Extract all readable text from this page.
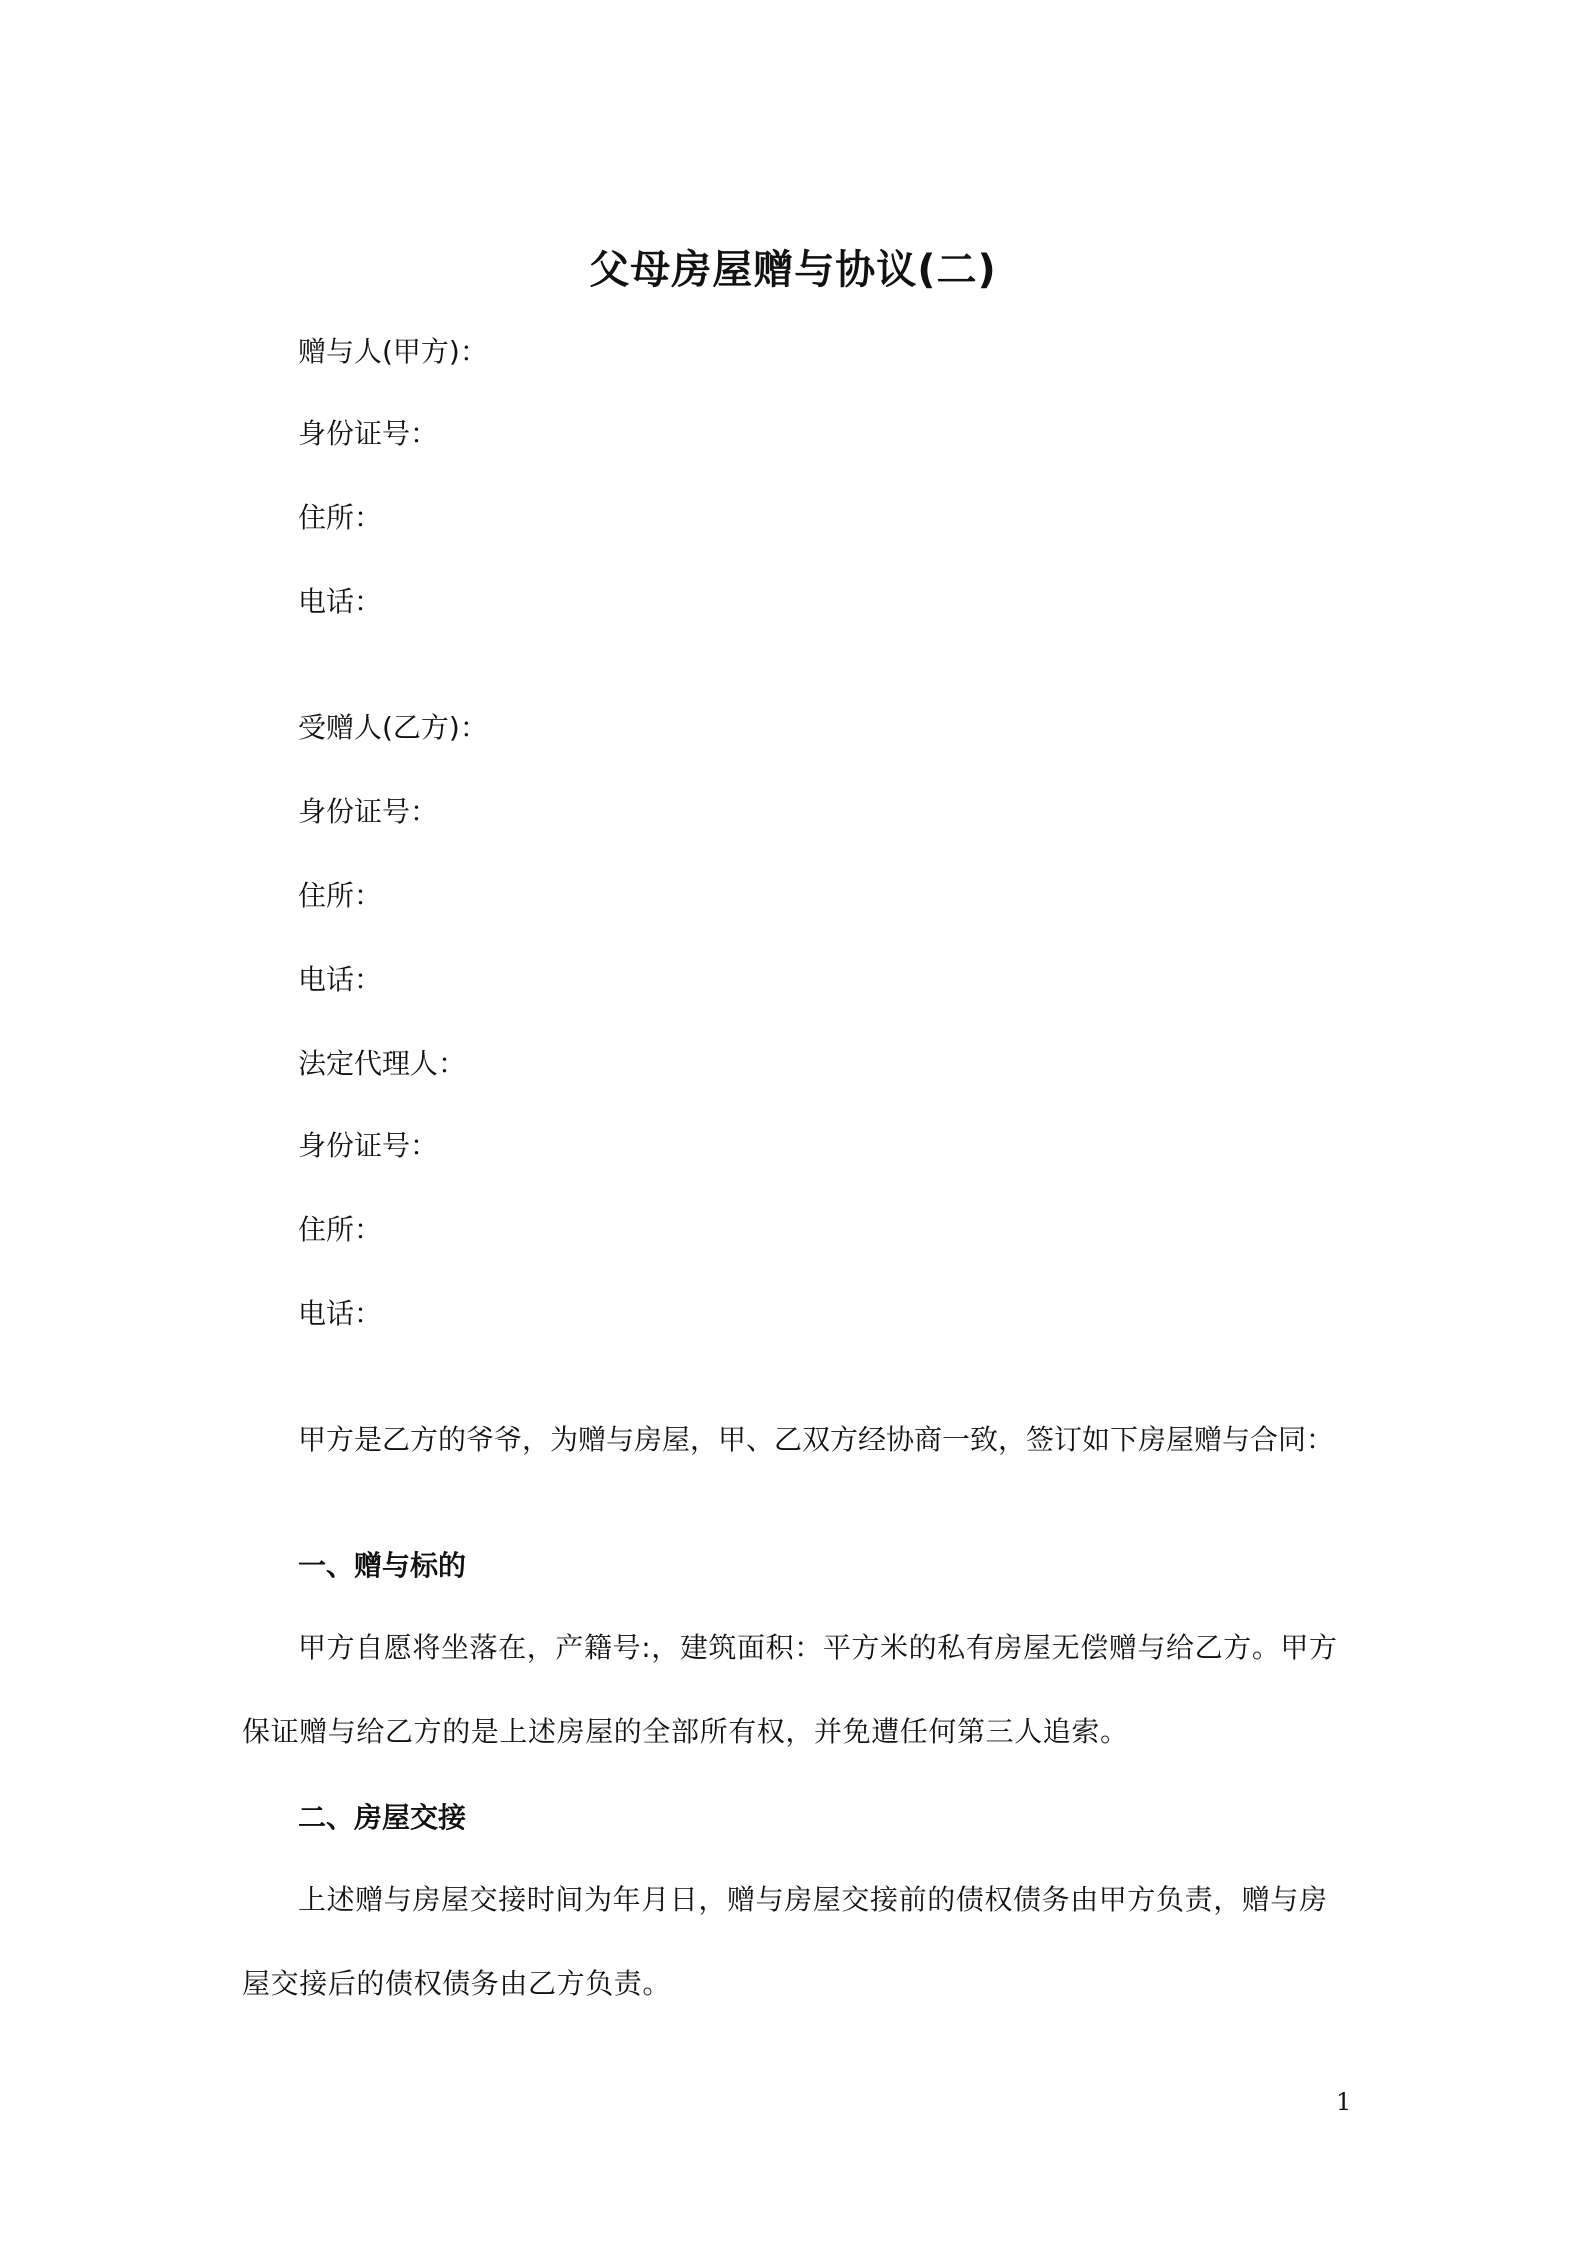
父母房屋赠与协议(二)
赠与人(甲方)：
身份证号：
住所：
电话：
受赠人(乙方)：
身份证号：
住所：
电话：
法定代理人：
身份证号：
住所：
电话：
甲方是乙方的爷爷，为赠与房屋，甲、乙双方经协商一致，签订如下房屋赠与合同：
一、赠与标的
甲方自愿将坐落在，产籍号:，建筑面积：平方米的私有房屋无偿赠与给乙方。甲方保证赠与给乙方的是上述房屋的全部所有权，并免遭任何第三人追索。
二、房屋交接
上述赠与房屋交接时间为年月日，赠与房屋交接前的债权债务由甲方负责，赠与房屋交接后的债权债务由乙方负责。
1
